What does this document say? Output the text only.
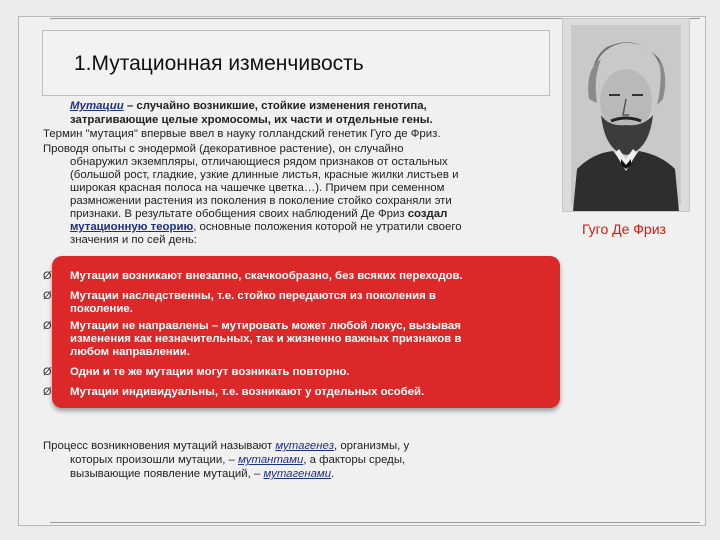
1.Мутационная изменчивость
Гуго Де Фриз
Мутации – случайно возникшие, стойкие изменения генотипа,
затрагивающие целые хромосомы, их части и отдельные гены.
Термин "мутация" впервые ввел в науку голландский генетик Гуго де Фриз.
Проводя опыты с энодермой (декоративное растение), он случайно
обнаружил экземпляры, отличающиеся рядом признаков от остальных
(большой рост, гладкие, узкие длинные листья, красные жилки листьев и
широкая красная полоса на чашечке цветка…). Причем при семенном
размножении растения из поколения в поколение стойко сохраняли эти
признаки. В результате обобщения своих наблюдений Де Фриз создал
мутационную теорию, основные положения которой не утратили своего
значения и по сей день:
Ø Мутации возникают внезапно, скачкообразно, без всяких переходов.
Ø Мутации наследственны, т.е. стойко передаются из поколения в
поколение.
Ø Мутации не направлены – мутировать может любой локус, вызывая
изменения как незначительных, так и жизненно важных признаков в
любом направлении.
Ø Одни и те же мутации могут возникать повторно.
Ø Мутации индивидуальны, т.е. возникают у отдельных особей.
Процесс возникновения мутаций называют мутагенез, организмы, у
которых произошли мутации, – мутантами, а факторы среды,
вызывающие появление мутаций, – мутагенами.
